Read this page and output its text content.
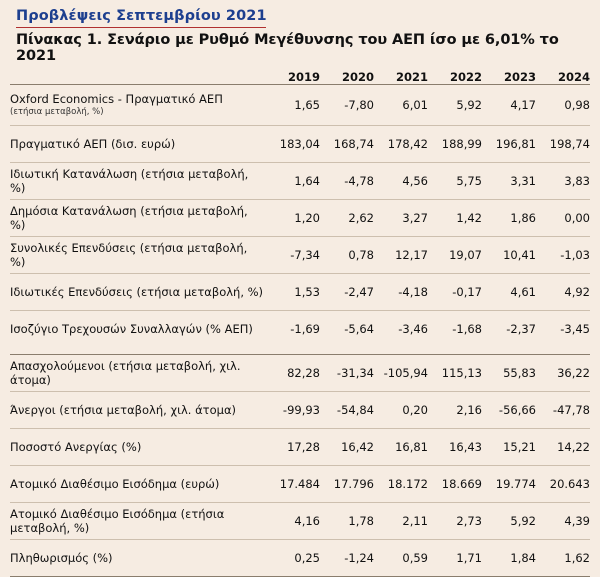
Προβλέψεις Σεπτεμβρίου 2021
Πίνακας 1. Σενάριο με Ρυθμό Μεγέθυνσης του ΑΕΠ ίσο με 6,01% το 2021
	2019	2020	2021	2022	2023	2024
Oxford Economics - Πραγματικό ΑΕΠ
(ετήσια μεταβολή, %)	1,65	-7,80	6,01	5,92	4,17	0,98
Πραγματικό ΑΕΠ (δισ. ευρώ)	183,04	168,74	178,42	188,99	196,81	198,74
Ιδιωτική Κατανάλωση (ετήσια μεταβολή, %)	1,64	-4,78	4,56	5,75	3,31	3,83
Δημόσια Κατανάλωση (ετήσια μεταβολή, %)	1,20	2,62	3,27	1,42	1,86	0,00
Συνολικές Επενδύσεις (ετήσια μεταβολή, %)	-7,34	0,78	12,17	19,07	10,41	-1,03
Ιδιωτικές Επενδύσεις (ετήσια μεταβολή, %)	1,53	-2,47	-4,18	-0,17	4,61	4,92
Ισοζύγιο Τρεχουσών Συναλλαγών (% ΑΕΠ)	-1,69	-5,64	-3,46	-1,68	-2,37	-3,45

Απασχολούμενοι (ετήσια μεταβολή, χιλ. άτομα)	82,28	-31,34	-105,94	115,13	55,83	36,22
Άνεργοι (ετήσια μεταβολή, χιλ. άτομα)	-99,93	-54,84	0,20	2,16	-56,66	-47,78
Ποσοστό Ανεργίας (%)	17,28	16,42	16,81	16,43	15,21	14,22
Ατομικό Διαθέσιμο Εισόδημα (ευρώ)	17.484	17.796	18.172	18.669	19.774	20.643
Ατομικό Διαθέσιμο Εισόδημα (ετήσια μεταβολή, %)	4,16	1,78	2,11	2,73	5,92	4,39
Πληθωρισμός (%)	0,25	-1,24	0,59	1,71	1,84	1,62
